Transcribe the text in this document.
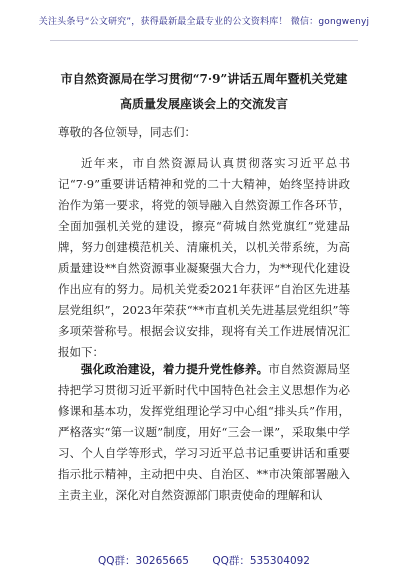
关注头条号“公文研究”，获得最新最全最专业的公文资料库！ 微信：gongwenyj
市自然资源局在学习贯彻“7·9”讲话五周年暨机关党建
高质量发展座谈会上的交流发言
尊敬的各位领导，同志们：
近年来，市自然资源局认真贯彻落实习近平总书记“7·9”重要讲话精神和党的二十大精神，始终坚持讲政治作为第一要求，将党的领导融入自然资源工作各环节，全面加强机关党的建设，擦亮“荷城自然党旗红”党建品牌，努力创建模范机关、清廉机关，以机关带系统，为高质量建设**自然资源事业凝聚强大合力，为**现代化建设作出应有的努力。局机关党委2021年获评“自治区先进基层党组织”，2023年荣获“**市直机关先进基层党组织”等多项荣誉称号。根据会议安排，现将有关工作进展情况汇报如下：
强化政治建设，着力提升党性修养。市自然资源局坚持把学习贯彻习近平新时代中国特色社会主义思想作为必修课和基本功，发挥党组理论学习中心组“排头兵”作用，严格落实“第一议题”制度，用好“三会一课”，采取集中学习、个人自学等形式，学习习近平总书记重要讲话和重要指示批示精神，主动把中央、自治区、**市决策部署融入主责主业，深化对自然资源部门职责使命的理解和认
QQ群：30265665 QQ群：535304092
